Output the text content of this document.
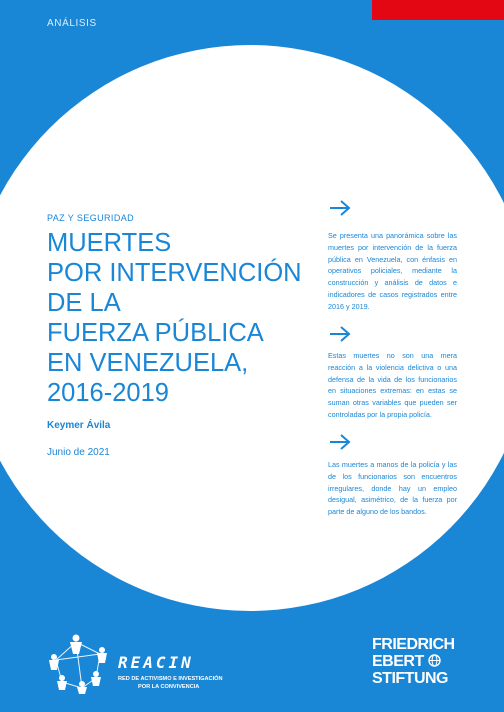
ANÁLISIS
PAZ Y SEGURIDAD
MUERTES
POR INTERVENCIÓN
DE LA
FUERZA PÚBLICA
EN VENEZUELA,
2016-2019
Keymer Ávila
Junio de 2021
Se presenta una panorámica sobre las muertes por intervención de la fuerza pública en Venezuela, con énfasis en operativos policiales, mediante la construcción y análisis de datos e indicadores de casos registrados entre 2016 y 2019.
Estas muertes no son una mera reacción a la violencia delictiva o una defensa de la vida de los funcionarios en situaciones extremas: en estas se suman otras variables que pueden ser controladas por la propia policía.
Las muertes a manos de la policía y las de los funcionarios son encuentros irregulares, donde hay un empleo desigual, asimétrico, de la fuerza por parte de alguno de los bandos.
REACIN
RED DE ACTIVISMO E INVESTIGACIÓN
POR LA CONVIVENCIA
FRIEDRICH
EBERT
STIFTUNG
